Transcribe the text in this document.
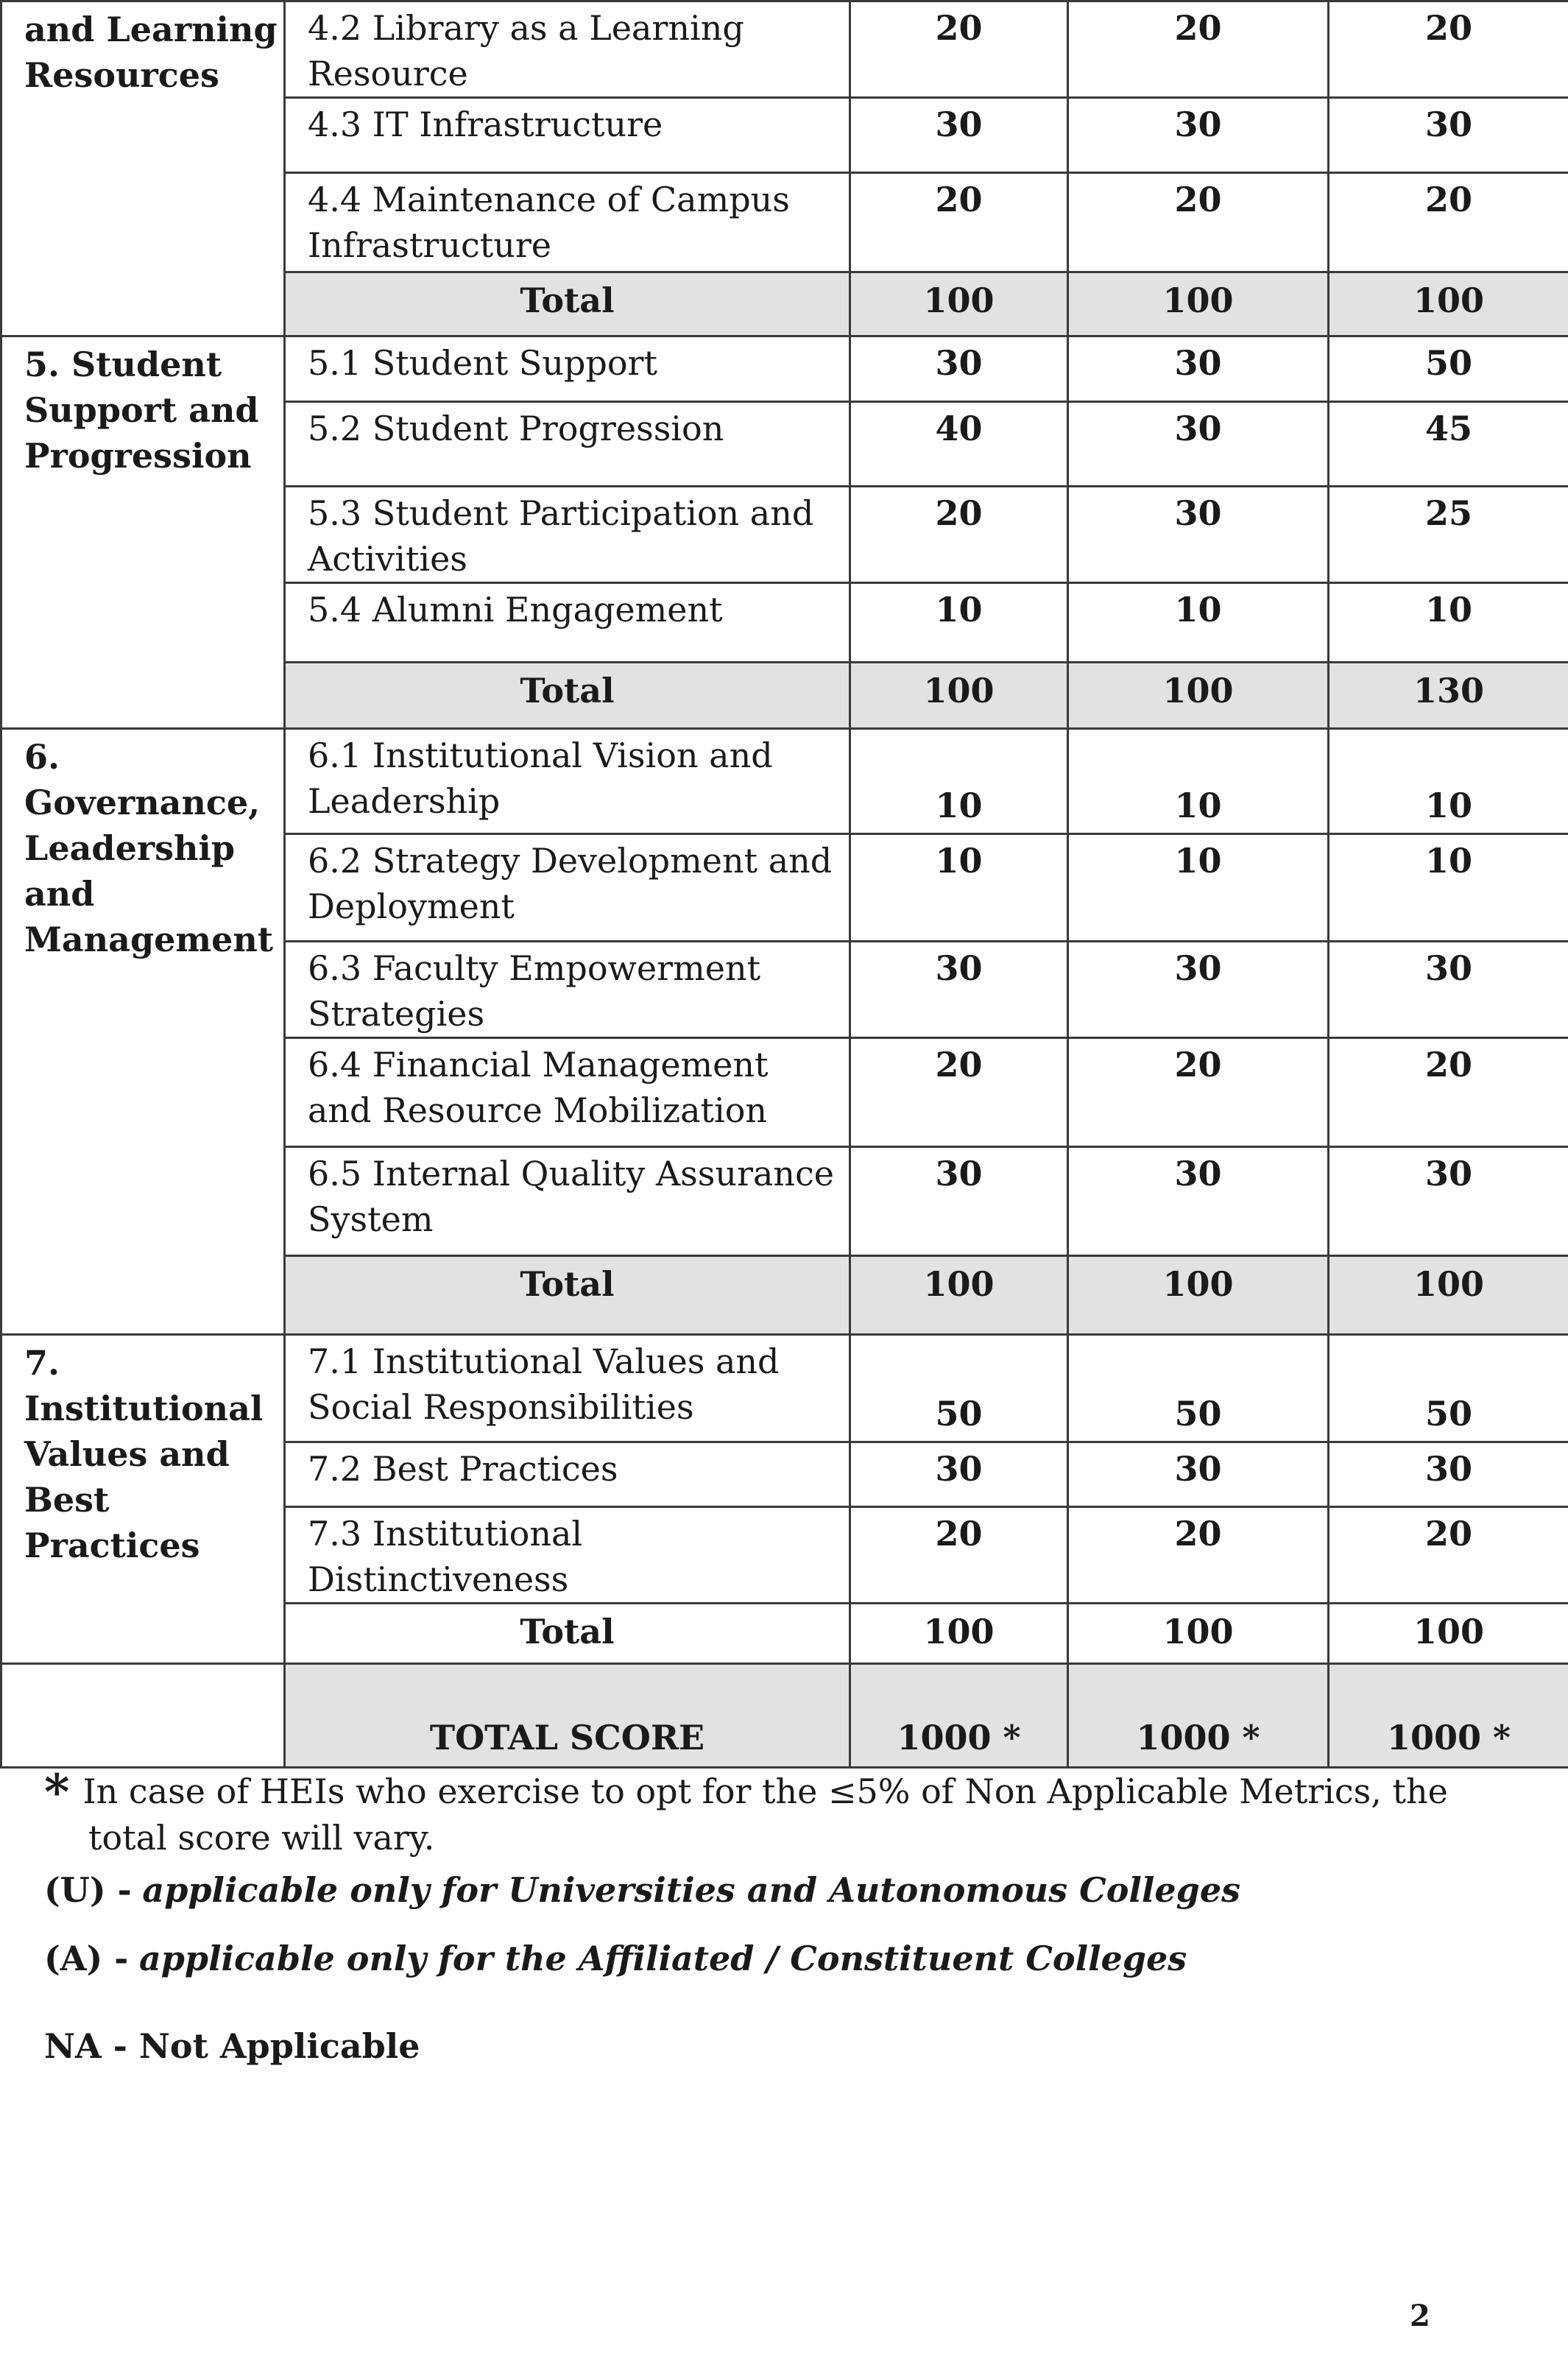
and Learning Resources	4.2 Library as a Learning Resource	20	20	20
	4.3 IT Infrastructure	30	30	30
	4.4 Maintenance of Campus Infrastructure	20	20	20
	Total	100	100	100
5. Student Support and Progression	5.1 Student Support	30	30	50
	5.2 Student Progression	40	30	45
	5.3 Student Participation and Activities	20	30	25
	5.4 Alumni Engagement	10	10	10
	Total	100	100	130
6. Governance, Leadership and Management	6.1 Institutional Vision and Leadership	10	10	10
	6.2 Strategy Development and Deployment	10	10	10
	6.3 Faculty Empowerment Strategies	30	30	30
	6.4 Financial Management and Resource Mobilization	20	20	20
	6.5 Internal Quality Assurance System	30	30	30
	Total	100	100	100
7. Institutional Values and Best Practices	7.1 Institutional Values and Social Responsibilities	50	50	50
	7.2 Best Practices	30	30	30
	7.3 Institutional Distinctiveness	20	20	20
	Total	100	100	100
	TOTAL SCORE	1000 *	1000 *	1000 *
* In case of HEIs who exercise to opt for the ≤5% of Non Applicable Metrics, the
total score will vary.
(U) - applicable only for Universities and Autonomous Colleges
(A) - applicable only for the Affiliated / Constituent Colleges
NA - Not Applicable
2
